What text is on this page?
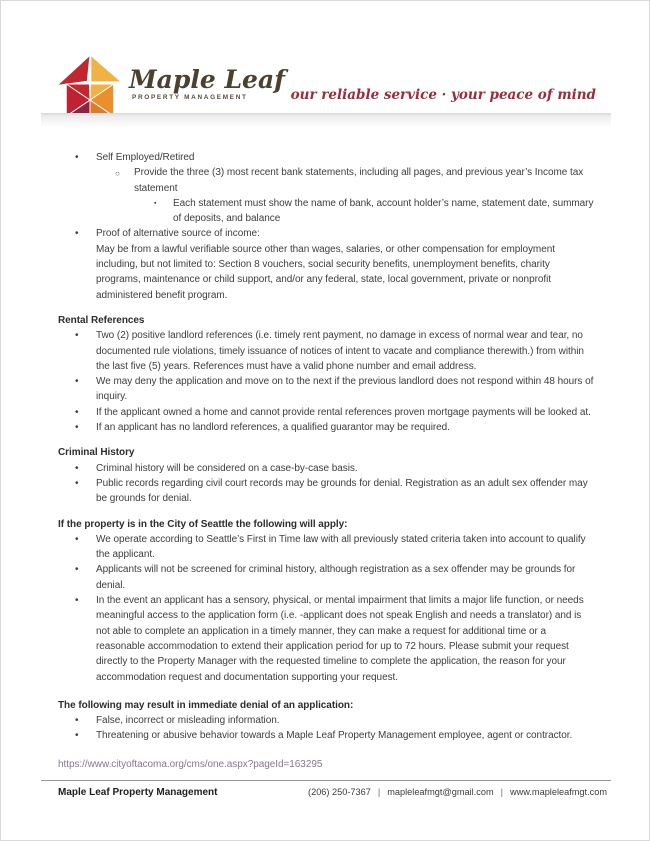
Maple Leaf
PROPERTY MANAGEMENT	our reliable service · your peace of mind
•
Self Employed/Retired
○
Provide the three (3) most recent bank statements, including all pages, and previous year’s Income tax statement
▪
Each statement must show the name of bank, account holder’s name, statement date, summary of deposits, and balance
•
Proof of alternative source of income:
May be from a lawful verifiable source other than wages, salaries, or other compensation for employment including, but not limited to: Section 8 vouchers, social security benefits, unemployment benefits, charity programs, maintenance or child support, and/or any federal, state, local government, private or nonprofit administered benefit program.
Rental References
•
Two (2) positive landlord references (i.e. timely rent payment, no damage in excess of normal wear and tear, no documented rule violations, timely issuance of notices of intent to vacate and compliance therewith.) from within the last five (5) years. References must have a valid phone number and email address.
•
We may deny the application and move on to the next if the previous landlord does not respond within 48 hours of inquiry.
•
If the applicant owned a home and cannot provide rental references proven mortgage payments will be looked at.
•
If an applicant has no landlord references, a qualified guarantor may be required.
Criminal History
•
Criminal history will be considered on a case-by-case basis.
•
Public records regarding civil court records may be grounds for denial. Registration as an adult sex offender may be grounds for denial.
If the property is in the City of Seattle the following will apply:
•
We operate according to Seattle’s First in Time law with all previously stated criteria taken into account to qualify the applicant.
•
Applicants will not be screened for criminal history, although registration as a sex offender may be grounds for denial.
•
In the event an applicant has a sensory, physical, or mental impairment that limits a major life function, or needs meaningful access to the application form (i.e. -applicant does not speak English and needs a translator) and is not able to complete an application in a timely manner, they can make a request for additional time or a reasonable accommodation to extend their application period for up to 72 hours. Please submit your request directly to the Property Manager with the requested timeline to complete the application, the reason for your accommodation request and documentation supporting your request.
The following may result in immediate denial of an application:
•
False, incorrect or misleading information.
•
Threatening or abusive behavior towards a Maple Leaf Property Management employee, agent or contractor.
https://www.cityoftacoma.org/cms/one.aspx?pageId=163295
Maple Leaf Property Management	(206) 250-7367 | mapleleafmgt@gmail.com | www.mapleleafmgt.com
